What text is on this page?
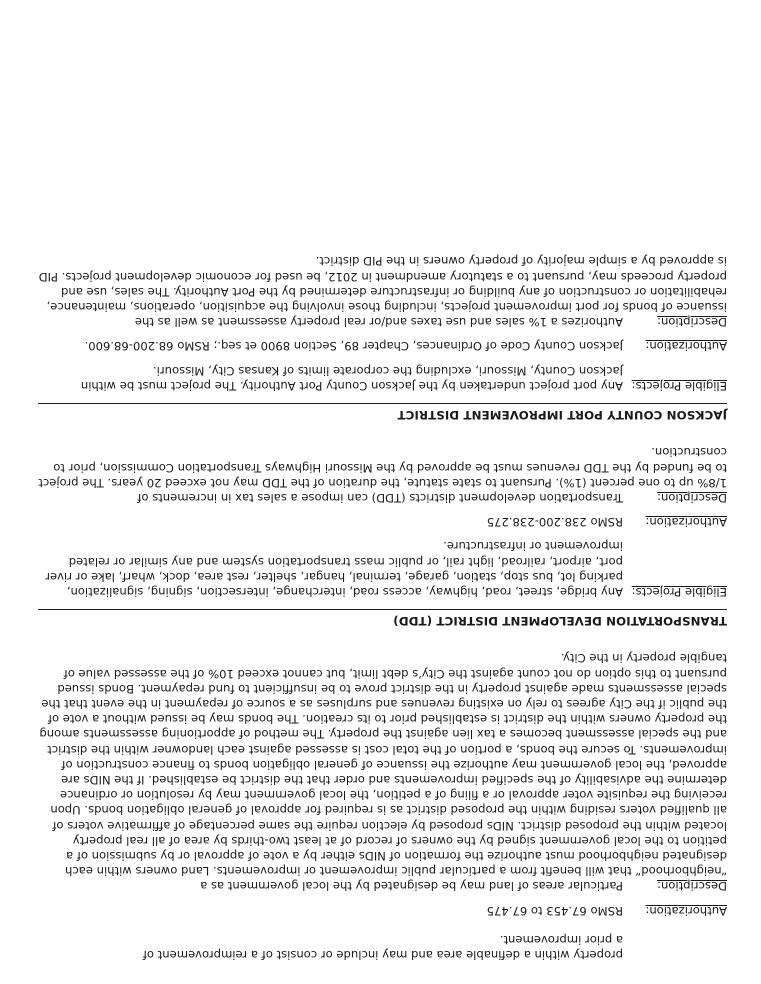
property within a definable area and may include or consist of a reimprovement of

a prior improvement.

Authorization:
RSMo 67.453 to 67.475
Description:
Particular areas of land may be designated by the local government as a

“neighborhood” that will benefit from a particular public improvement or improvements. Land owners within each designated neighborhood must authorize the formation of NIDs either by a vote of approval or by submission of a petition to the local government signed by the owners of record of at least two-thirds by area of all real property located within the proposed district. NIDs proposed by election require the same percentage of affirmative voters of all qualified voters residing within the proposed district as is required for approval of general obligation bonds. Upon receiving the requisite voter approval or a filing of a petition, the local government may by resolution or ordinance determine the advisability of the specified improvements and order that the district be established. If the NIDs are approved, the local government may authorize the issuance of general obligation bonds to finance construction of improvements. To secure the bonds, a portion of the total cost is assessed against each landowner within the district and the special assessment becomes a tax lien against the property. The method of apportioning assessments among the property owners within the district is established prior to its creation. The bonds may be issued without a vote of the public if the City agrees to rely on existing revenues and surpluses as a source of repayment in the event that the special assessments made against property in the district prove to be insufficient to fund repayment. Bonds issued pursuant to this option do not count against the City’s debt limit, but cannot exceed 10% of the assessed value of tangible property in the City.

TRANSPORTATION DEVELOPMENT DISTRICT (TDD)
Eligible Projects:
Any bridge, street, road, highway, access road, interchange, intersection, signing, signalization, parking lot, bus stop, station, garage, terminal, hangar, shelter, rest area, dock, wharf, lake or river port, airport, railroad, light rail, or public mass transportation system and any similar or related improvement or infrastructure.
Authorization:
RSMo 238.200-238.275
Description:
Transportation development districts (TDD) can impose a sales tax in increments of

1/8% up to one percent (1%). Pursuant to state statute, the duration of the TDD may not exceed 20 years. The project to be funded by the TDD revenues must be approved by the Missouri Highways Transportation Commission, prior to construction.

JACKSON COUNTY PORT IMPROVEMENT DISTRICT
Eligible Projects:
Any port project undertaken by the Jackson County Port Authority. The project must be within Jackson County, Missouri, excluding the corporate limits of Kansas City, Missouri.
Authorization:
Jackson County Code of Ordinances, Chapter 89, Section 8900 et seq.; RSMo 68.200-68.600.
Description:
Authorizes a 1% sales and use taxes and/or real property assessment as well as the

issuance of bonds for port improvement projects, including those involving the acquisition, operations, maintenance, rehabilitation or construction of any building or infrastructure determined by the Port Authority. The sales, use and property proceeds may, pursuant to a statutory amendment in 2012, be used for economic development projects. PID is approved by a simple majority of property owners in the PID district.
